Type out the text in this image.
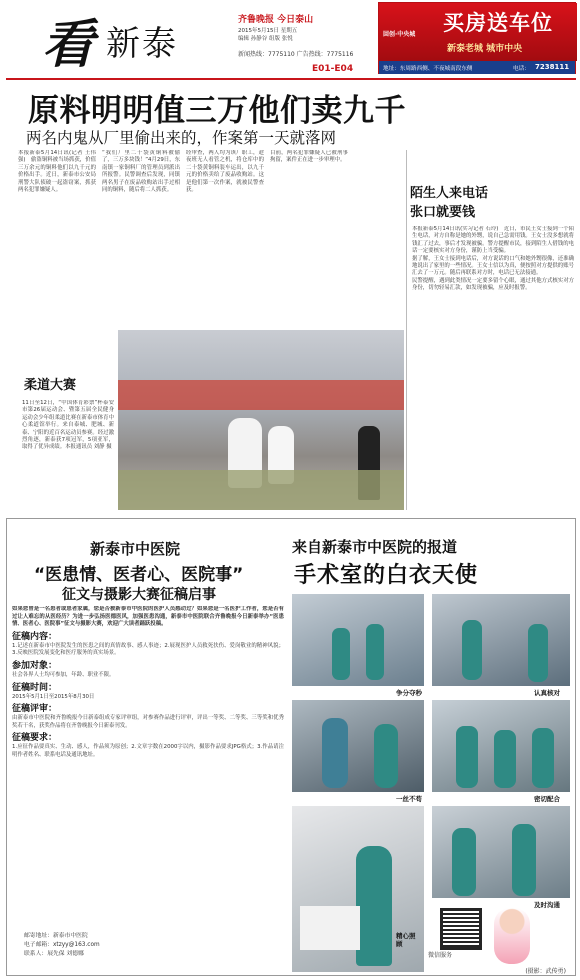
看 新泰
齐鲁晚报 今日泰山
2015年5月15日 星期五
编辑 孙静谷 组版 张悦
新闻热线：7775110 广告热线：7775116
E01-E04
回创·中央城 买房送车位
新泰老城 城市中央
地址：东周路西侧、不夜城南段东侧	电话： 7238111
原料明明值三万他们卖九千
两名内鬼从厂里偷出来的，作案第一天就落网
本报新泰5月14日讯(记者 王伟强)　偷盗铜料被当场抓获，价值三万余元的铜料他们以九千元的价格出手。近日，新泰市公安局刑警大队侦破一起盗窃案，抓获两名犯罪嫌疑人。
“我们厂里二十袋黄铜料被偷了，三万多块钱！”4月29日，东南镇一家铜料厂的管理员到派出所报警。民警调查后发现，同镇两名男子在废品收购站出手过相同的铜料，随后将二人抓获。
经审查，两人均为该厂职工，趁夜班无人看管之机，将仓库中的二十袋黄铜料装车运出，以九千元的价格卖给了废品收购站。这是他们第一次作案，就被民警查获。
目前，两名犯罪嫌疑人已被刑事拘留，案件正在进一步审理中。
陌生人来电话
张口就要钱

本报新泰5月14日讯(实习记者 石玲)　近日，市民王女士接到一个陌生电话，对方自称是她的外甥，说自己急需用钱。王女士没多想就将钱汇了过去，事后才发现被骗。警方提醒市民，接到陌生人借钱的电话一定要核实对方身份，谨防上当受骗。

据了解，王女士接到电话后，对方说话的口气和她外甥很像，还准确地说出了家里的一些情况。王女士信以为真，便按照对方提供的账号汇去了一万元。随后再联系对方时，电话已无法接通。

民警提醒，遇到此类情况一定要多留个心眼，通过其他方式核实对方身份，切勿轻易汇款，如发现被骗，应及时报警。

柔道大赛
11日至12日，“中国体育彩票”杯泰安市第26届运动会、暨第五届全民健身运动会少年组柔道比赛在新泰市体育中心柔道馆举行。来自泰城、肥城、新泰、宁阳的近百名运动员参赛。经过激烈角逐，新泰获7项冠军，5项亚军，取得了优异成绩。本报通讯员 刘静 摄
新泰市中医院
“医患情、医者心、医院事”
征文与摄影大赛征稿启事

如果您曾是一名患者或患者家属，您是否被新泰市中医院的医护人员感动过？如果您是一名医护工作者，您是否有过让人难忘的从医经历？为进一步弘扬医德医风，加强医患沟通，新泰市中医院联合齐鲁晚报今日新泰举办“医患情、医者心、医院事”征文与摄影大赛，欢迎广大读者踊跃投稿。

征稿内容：

1.记述在新泰市中医院发生的医患之间的真情故事、感人事迹；2.展现医护人员救死扶伤、爱岗敬业的精神风貌；3.反映医院发展变化和医疗服务的真实场景。

参加对象：

社会各界人士均可参加，年龄、职业不限。

征稿时间：

2015年5月1日至2015年8月30日

征稿评审：

由新泰市中医院和齐鲁晚报今日新泰组成专家评审组，对参赛作品进行评审，评出一等奖、二等奖、三等奖和优秀奖若干名，获奖作品将在齐鲁晚报今日新泰刊发。

征稿要求：

1.应征作品要真实、生动、感人，作品须为原创；2.文章字数在2000字以内，摄影作品要求JPG格式；3.作品请注明作者姓名、联系电话及通讯地址。

邮寄地址：新泰市中医院
电子邮箱：xtzyy@163.com
联系人：展先保 刘德娜
来自新泰市中医院的报道
手术室的白衣天使
争分夺秒	认真核对
一丝不苟	密切配合
精心照顾
及时沟通
微信服务
(摄影：武传勇)
